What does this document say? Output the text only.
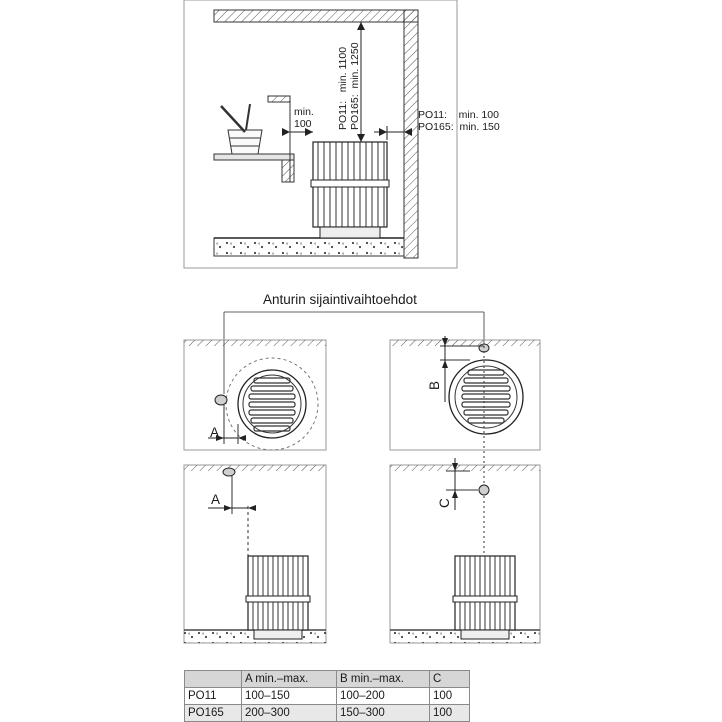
PO11:   min. 1100 PO165:  min. 1250	PO11:    min. 100
PO165:  min. 150
min.
100
Anturin sijaintivaihtoehdot
A
B
A	C
	A min.–max.	B min.–max.	C
PO11	100–150	100–200	100
PO165	200–300	150–300	100
